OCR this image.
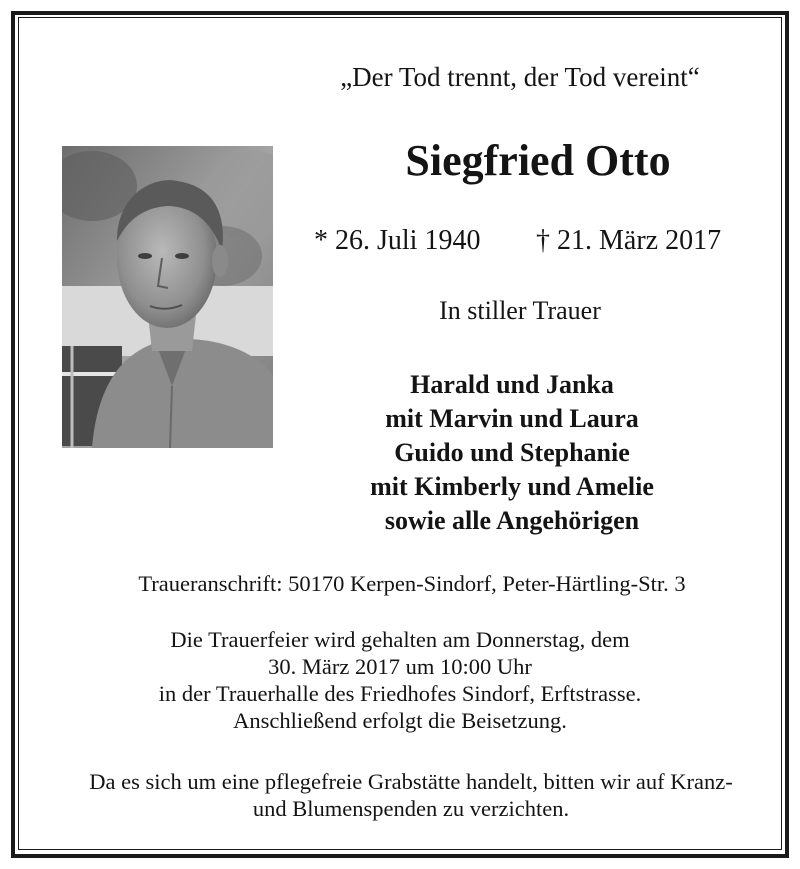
„Der Tod trennt, der Tod vereint“
Siegfried Otto
* 26. Juli 1940 † 21. März 2017
In stiller Trauer
Harald und Janka
mit Marvin und Laura
Guido und Stephanie
mit Kimberly und Amelie
sowie alle Angehörigen
Traueranschrift: 50170 Kerpen-Sindorf, Peter-Härtling-Str. 3
Die Trauerfeier wird gehalten am Donnerstag, dem
30. März 2017 um 10:00 Uhr
in der Trauerhalle des Friedhofes Sindorf, Erftstrasse.
Anschließend erfolgt die Beisetzung.
Da es sich um eine pflegefreie Grabstätte handelt, bitten wir auf Kranz-
und Blumenspenden zu verzichten.
